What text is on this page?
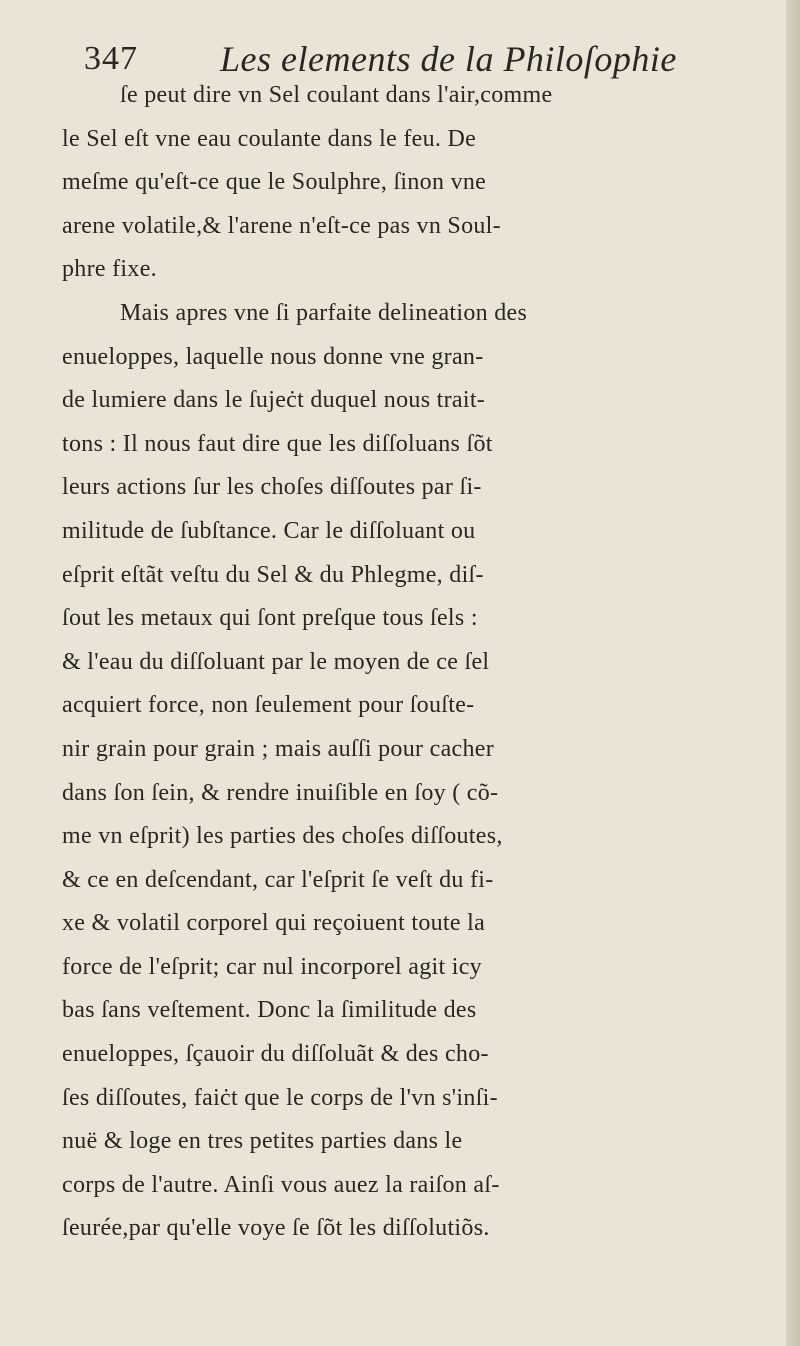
347 Les elements de la Philoſophie
ſe peut dire vn Sel coulant dans l'air,comme
le Sel eſt vne eau coulante dans le feu. De
meſme qu'eſt-ce que le Soulphre, ſinon vne
arene volatile,& l'arene n'eſt-ce pas vn Soul-
phre fixe.
Mais apres vne ſi parfaite delineation des
enueloppes, laquelle nous donne vne gran-
de lumiere dans le ſujeċt duquel nous trait-
tons : Il nous faut dire que les diſſoluans ſõt
leurs actions ſur les choſes diſſoutes par ſi-
militude de ſubſtance. Car le diſſoluant ou
eſprit eſtãt veſtu du Sel & du Phlegme, diſ-
ſout les metaux qui ſont preſque tous ſels :
& l'eau du diſſoluant par le moyen de ce ſel
acquiert force, non ſeulement pour ſouſte-
nir grain pour grain ; mais auſſi pour cacher
dans ſon ſein, & rendre inuiſible en ſoy ( cõ-
me vn eſprit) les parties des choſes diſſoutes,
& ce en deſcendant, car l'eſprit ſe veſt du fi-
xe & volatil corporel qui reçoiuent toute la
force de l'eſprit; car nul incorporel agit icy
bas ſans veſtement. Donc la ſimilitude des
enueloppes, ſçauoir du diſſoluãt & des cho-
ſes diſſoutes, faiċt que le corps de l'vn s'inſi-
nuë & loge en tres petites parties dans le
corps de l'autre. Ainſi vous auez la raiſon aſ-
ſeurée,par qu'elle voye ſe ſõt les diſſolutiõs.
